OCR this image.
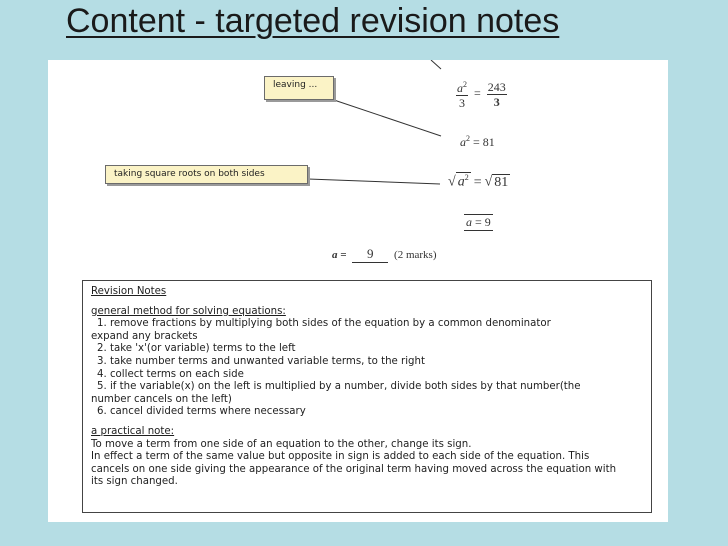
Content - targeted revision notes
leaving ...
taking square roots on both sides
$\frac{a^2}{3} = \frac{243}{3}$
$a^2 = 81$
√ $a^2$ = √ 81
a = 9
a = 9 (2 marks)
Revision Notes
general method for solving equations:
1. remove fractions by multiplying both sides of the equation by a common denominator
expand any brackets
2. take 'x'(or variable) terms to the left
3. take number terms and unwanted variable terms, to the right
4. collect terms on each side
5. if the variable(x) on the left is multiplied by a number, divide both sides by that number(the
number cancels on the left)
6. cancel divided terms where necessary
a practical note:
To move a term from one side of an equation to the other, change its sign.
In effect a term of the same value but opposite in sign is added to each side of the equation. This
cancels on one side giving the appearance of the original term having moved across the equation with
its sign changed.
